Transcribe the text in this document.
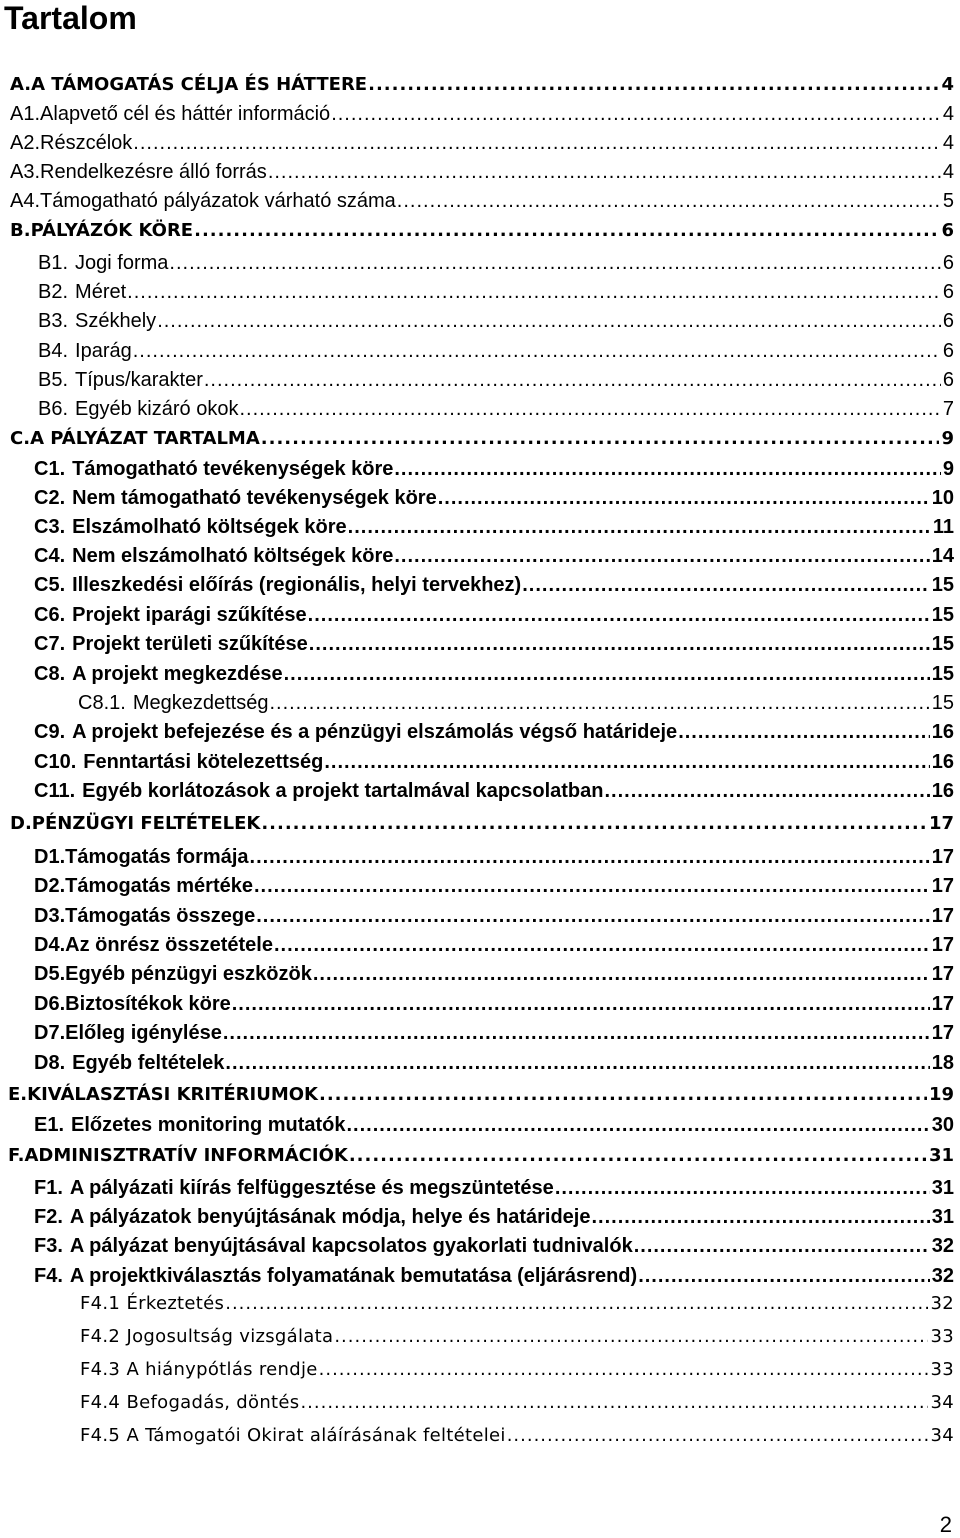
Tartalom
A. A TÁMOGATÁS CÉLJA ÉS HÁTTERE .....	4
A1. Alapvető cél és háttér információ .....	4
A2. Részcélok .....	4
A3. Rendelkezésre álló forrás .....	4
A4. Támogatható pályázatok várható száma .....	5
B. PÁLYÁZÓK KÖRE .....	6
B1. Jogi forma .....	6
B2. Méret .....	6
B3. Székhely .....	6
B4. Iparág .....	6
B5. Típus/karakter .....	6
B6. Egyéb kizáró okok .....	7
C. A PÁLYÁZAT TARTALMA .....	9
C1. Támogatható tevékenységek köre .....	9
C2. Nem támogatható tevékenységek köre .....	10
C3. Elszámolható költségek köre .....	11
C4. Nem elszámolható költségek köre .....	14
C5. Illeszkedési előírás (regionális, helyi tervekhez) .....	15
C6. Projekt iparági szűkítése .....	15
C7. Projekt területi szűkítése .....	15
C8. A projekt megkezdése .....	15
C8.1. Megkezdettség .....	15
C9. A projekt befejezése és a pénzügyi elszámolás végső határideje .....	16
C10. Fenntartási kötelezettség .....	16
C11. Egyéb korlátozások a projekt tartalmával kapcsolatban .....	16
D. PÉNZÜGYI FELTÉTELEK .....	17
D1. Támogatás formája .....	17
D2. Támogatás mértéke .....	17
D3. Támogatás összege .....	17
D4. Az önrész összetétele .....	17
D5. Egyéb pénzügyi eszközök .....	17
D6. Biztosítékok köre .....	17
D7. Előleg igénylése .....	17
D8. Egyéb feltételek .....	18
E. KIVÁLASZTÁSI KRITÉRIUMOK .....	19
E1. Előzetes monitoring mutatók .....	30
F. ADMINISZTRATÍV INFORMÁCIÓK .....	31
F1. A pályázati kiírás felfüggesztése és megszüntetése .....	31
F2. A pályázatok benyújtásának módja, helye és határideje .....	31
F3. A pályázat benyújtásával kapcsolatos gyakorlati tudnivalók .....	32
F4. A projektkiválasztás folyamatának bemutatása (eljárásrend) .....	32
F4.1 Érkeztetés .....	32
F4.2 Jogosultság vizsgálata .....	33
F4.3 A hiánypótlás rendje .....	33
F4.4 Befogadás, döntés .....	34
F4.5 A Támogatói Okirat aláírásának feltételei .....	34
2
